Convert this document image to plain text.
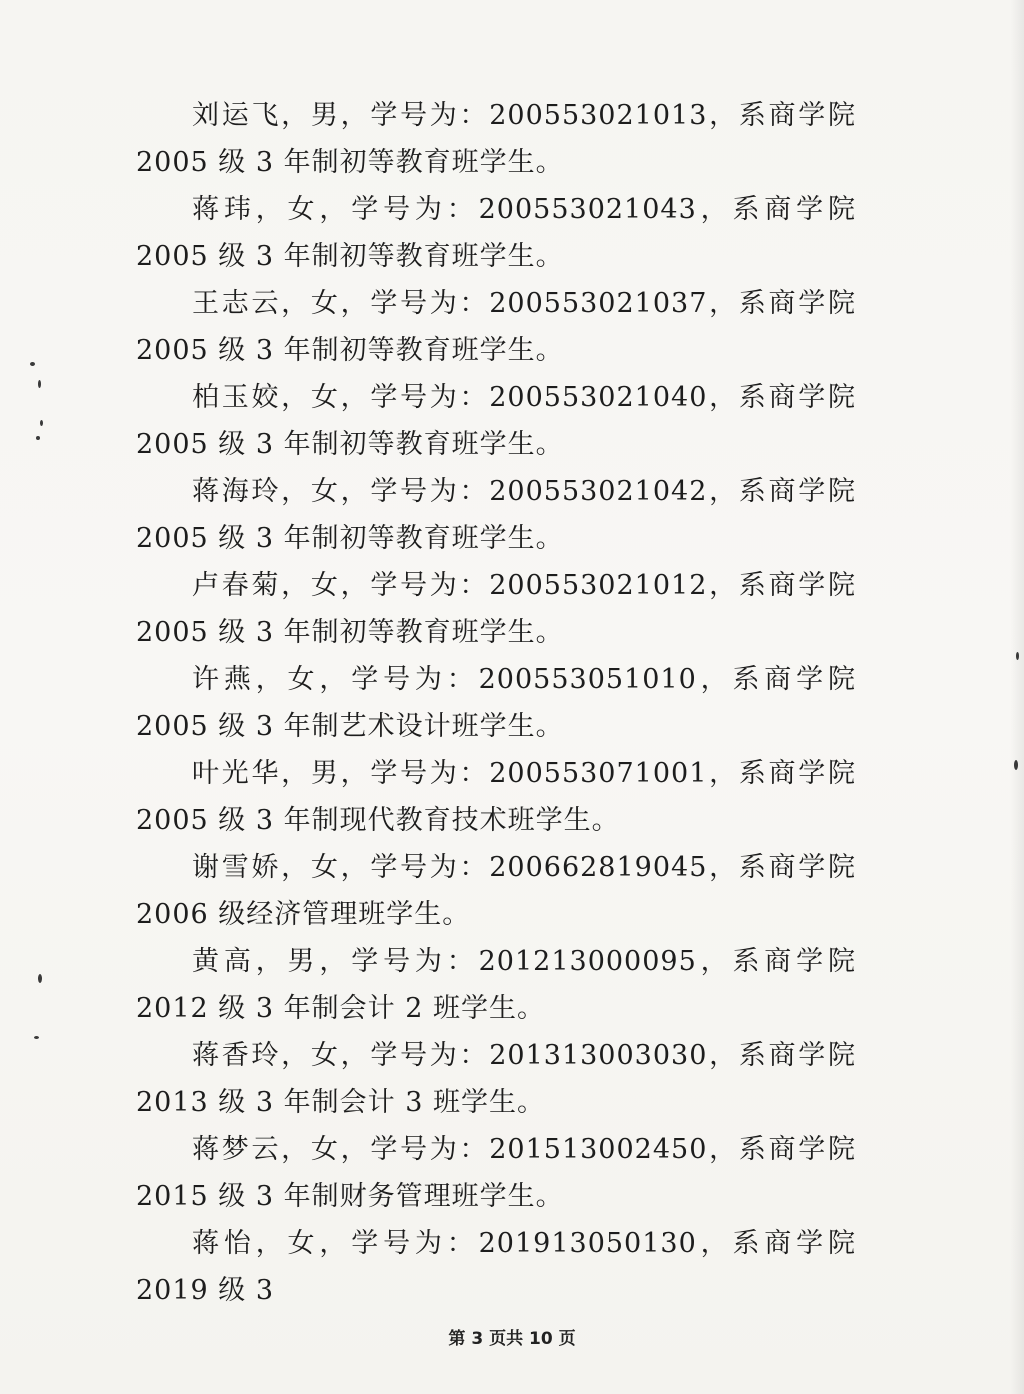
刘运飞，男，学号为：200553021013，系商学院 2005 级 3 年制初等教育班学生。

蒋玮，女，学号为：200553021043，系商学院 2005 级 3 年制初等教育班学生。

王志云，女，学号为：200553021037，系商学院 2005 级 3 年制初等教育班学生。

柏玉姣，女，学号为：200553021040，系商学院 2005 级 3 年制初等教育班学生。

蒋海玲，女，学号为：200553021042，系商学院 2005 级 3 年制初等教育班学生。

卢春菊，女，学号为：200553021012，系商学院 2005 级 3 年制初等教育班学生。

许燕，女，学号为：200553051010，系商学院 2005 级 3 年制艺术设计班学生。

叶光华，男，学号为：200553071001，系商学院 2005 级 3 年制现代教育技术班学生。

谢雪娇，女，学号为：200662819045，系商学院 2006 级经济管理班学生。

黄高，男，学号为：201213000095，系商学院 2012 级 3 年制会计 2 班学生。

蒋香玲，女，学号为：201313003030，系商学院 2013 级 3 年制会计 3 班学生。

蒋梦云，女，学号为：201513002450，系商学院 2015 级 3 年制财务管理班学生。

蒋怡，女，学号为：201913050130，系商学院 2019 级 3

第 3 页共 10 页
